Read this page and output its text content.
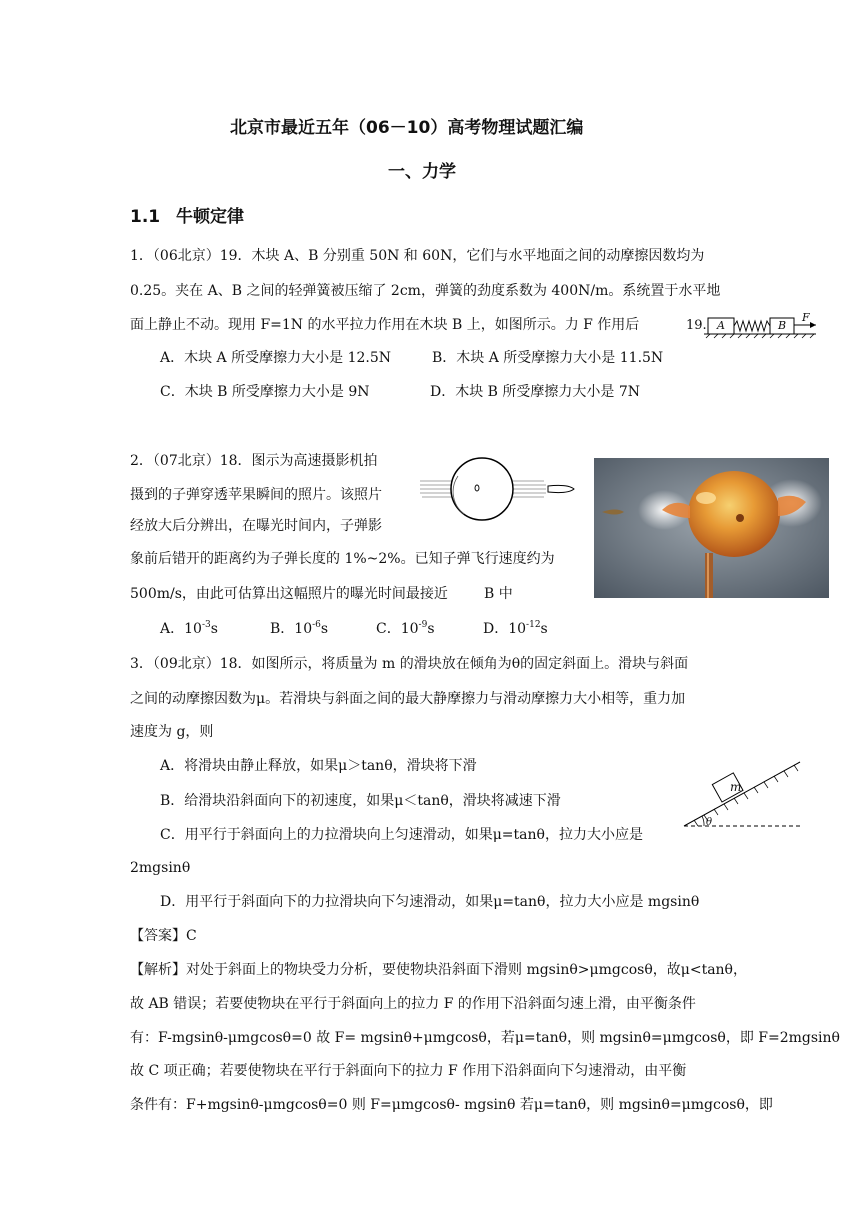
北京市最近五年（06－10）高考物理试题汇编
一、力学
1.1 牛顿定律
1．（06北京）19．木块 A、B 分别重 50N 和 60N，它们与水平地面之间的动摩擦因数均为
0.25。夹在 A、B 之间的轻弹簧被压缩了 2cm，弹簧的劲度系数为 400N/m。系统置于水平地
面上静止不动。现用 F=1N 的水平拉力作用在木块 B 上，如图所示。力 F 作用后	19. A	B
F
A．木块 A 所受摩擦力大小是 12.5N	B．木块 A 所受摩擦力大小是 11.5N
C．木块 B 所受摩擦力大小是 9N	D．木块 B 所受摩擦力大小是 7N
2．（07北京）18．图示为高速摄影机拍
摄到的子弹穿透苹果瞬间的照片。该照片
经放大后分辨出，在曝光时间内，子弹影
象前后错开的距离约为子弹长度的 1%~2%。已知子弹飞行速度约为
500m/s，由此可估算出这幅照片的曝光时间最接近	B 中
A．$10^{-3}s$	B．$10^{-6}s$	C．$10^{-9}s$	D．$10^{-12}s$
3．（09北京）18．如图所示，将质量为 m 的滑块放在倾角为θ的固定斜面上。滑块与斜面
之间的动摩擦因数为μ。若滑块与斜面之间的最大静摩擦力与滑动摩擦力大小相等，重力加
速度为 g，则
A．将滑块由静止释放，如果μ＞tanθ，滑块将下滑
B．给滑块沿斜面向下的初速度，如果μ＜tanθ，滑块将减速下滑
C．用平行于斜面向上的力拉滑块向上匀速滑动，如果μ=tanθ，拉力大小应是
2mgsinθ
D．用平行于斜面向下的力拉滑块向下匀速滑动，如果μ=tanθ，拉力大小应是 mgsinθ
m
θ
【答案】C
【解析】对处于斜面上的物块受力分析，要使物块沿斜面下滑则 mgsinθ>μmgcosθ，故μ<tanθ，
故 AB 错误；若要使物块在平行于斜面向上的拉力 F 的作用下沿斜面匀速上滑，由平衡条件
有：F-mgsinθ-μmgcosθ=0 故 F= mgsinθ+μmgcosθ，若μ=tanθ，则 mgsinθ=μmgcosθ，即 F=2mgsinθ
故 C 项正确；若要使物块在平行于斜面向下的拉力 F 作用下沿斜面向下匀速滑动，由平衡
条件有：F+mgsinθ-μmgcosθ=0 则 F=μmgcosθ- mgsinθ 若μ=tanθ，则 mgsinθ=μmgcosθ，即
